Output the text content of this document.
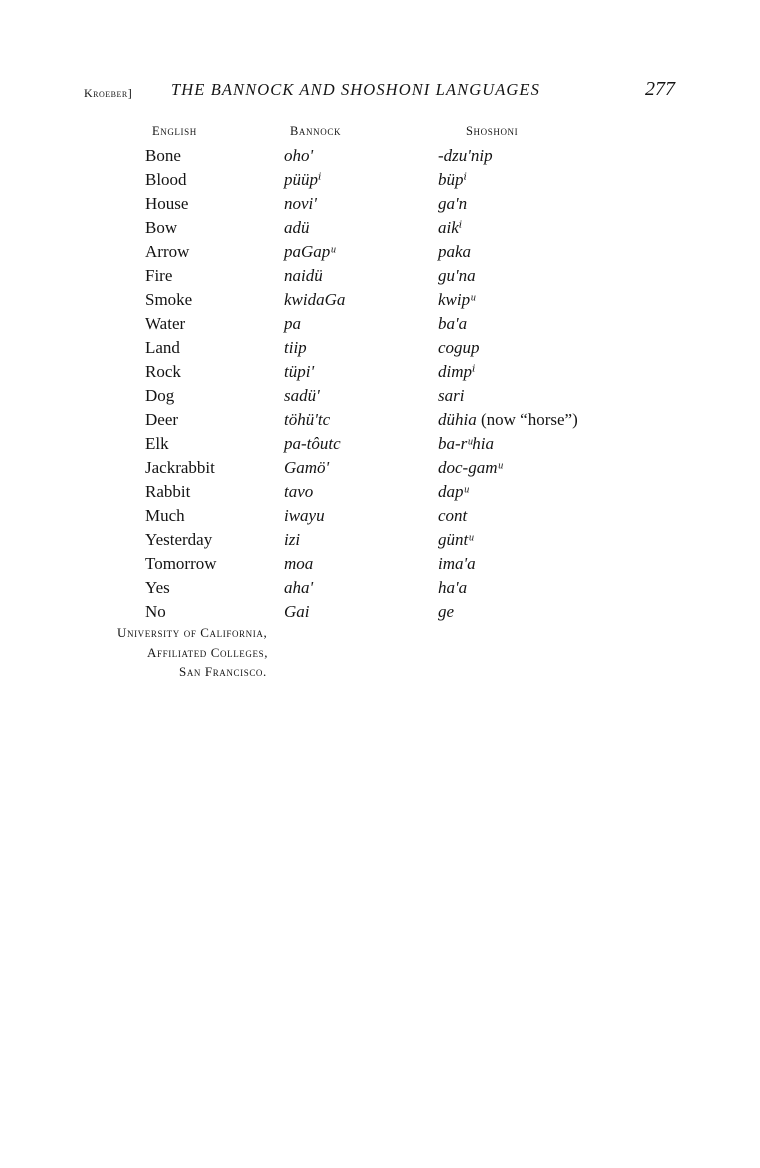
Kroeber] THE BANNOCK AND SHOSHONI LANGUAGES	277
English	Bannock	Shoshoni
Bone	oho'	-dzu'nip
Blood	püüpⁱ	büpⁱ
House	novi'	ga'n
Bow	adü	aikⁱ
Arrow	paGapᵘ	paka
Fire	naidü	gu'na
Smoke	kwidaGa	kwipᵘ
Water	pa	ba'a
Land	tiip	cogup
Rock	tüpi'	dimpⁱ
Dog	sadü'	sari
Deer	töhü'tc	dühia (now “horse”)
Elk	pa-tôutc	ba-rᵘhia
Jackrabbit	Gamö'	doc-gamᵘ
Rabbit	tavo	dapᵘ
Much	iwayu	cont
Yesterday	izi	güntᵘ
Tomorrow	moa	ima'a
Yes	aha'	ha'a
No	Gai	ge
University of California,
Affiliated Colleges,
San Francisco.
